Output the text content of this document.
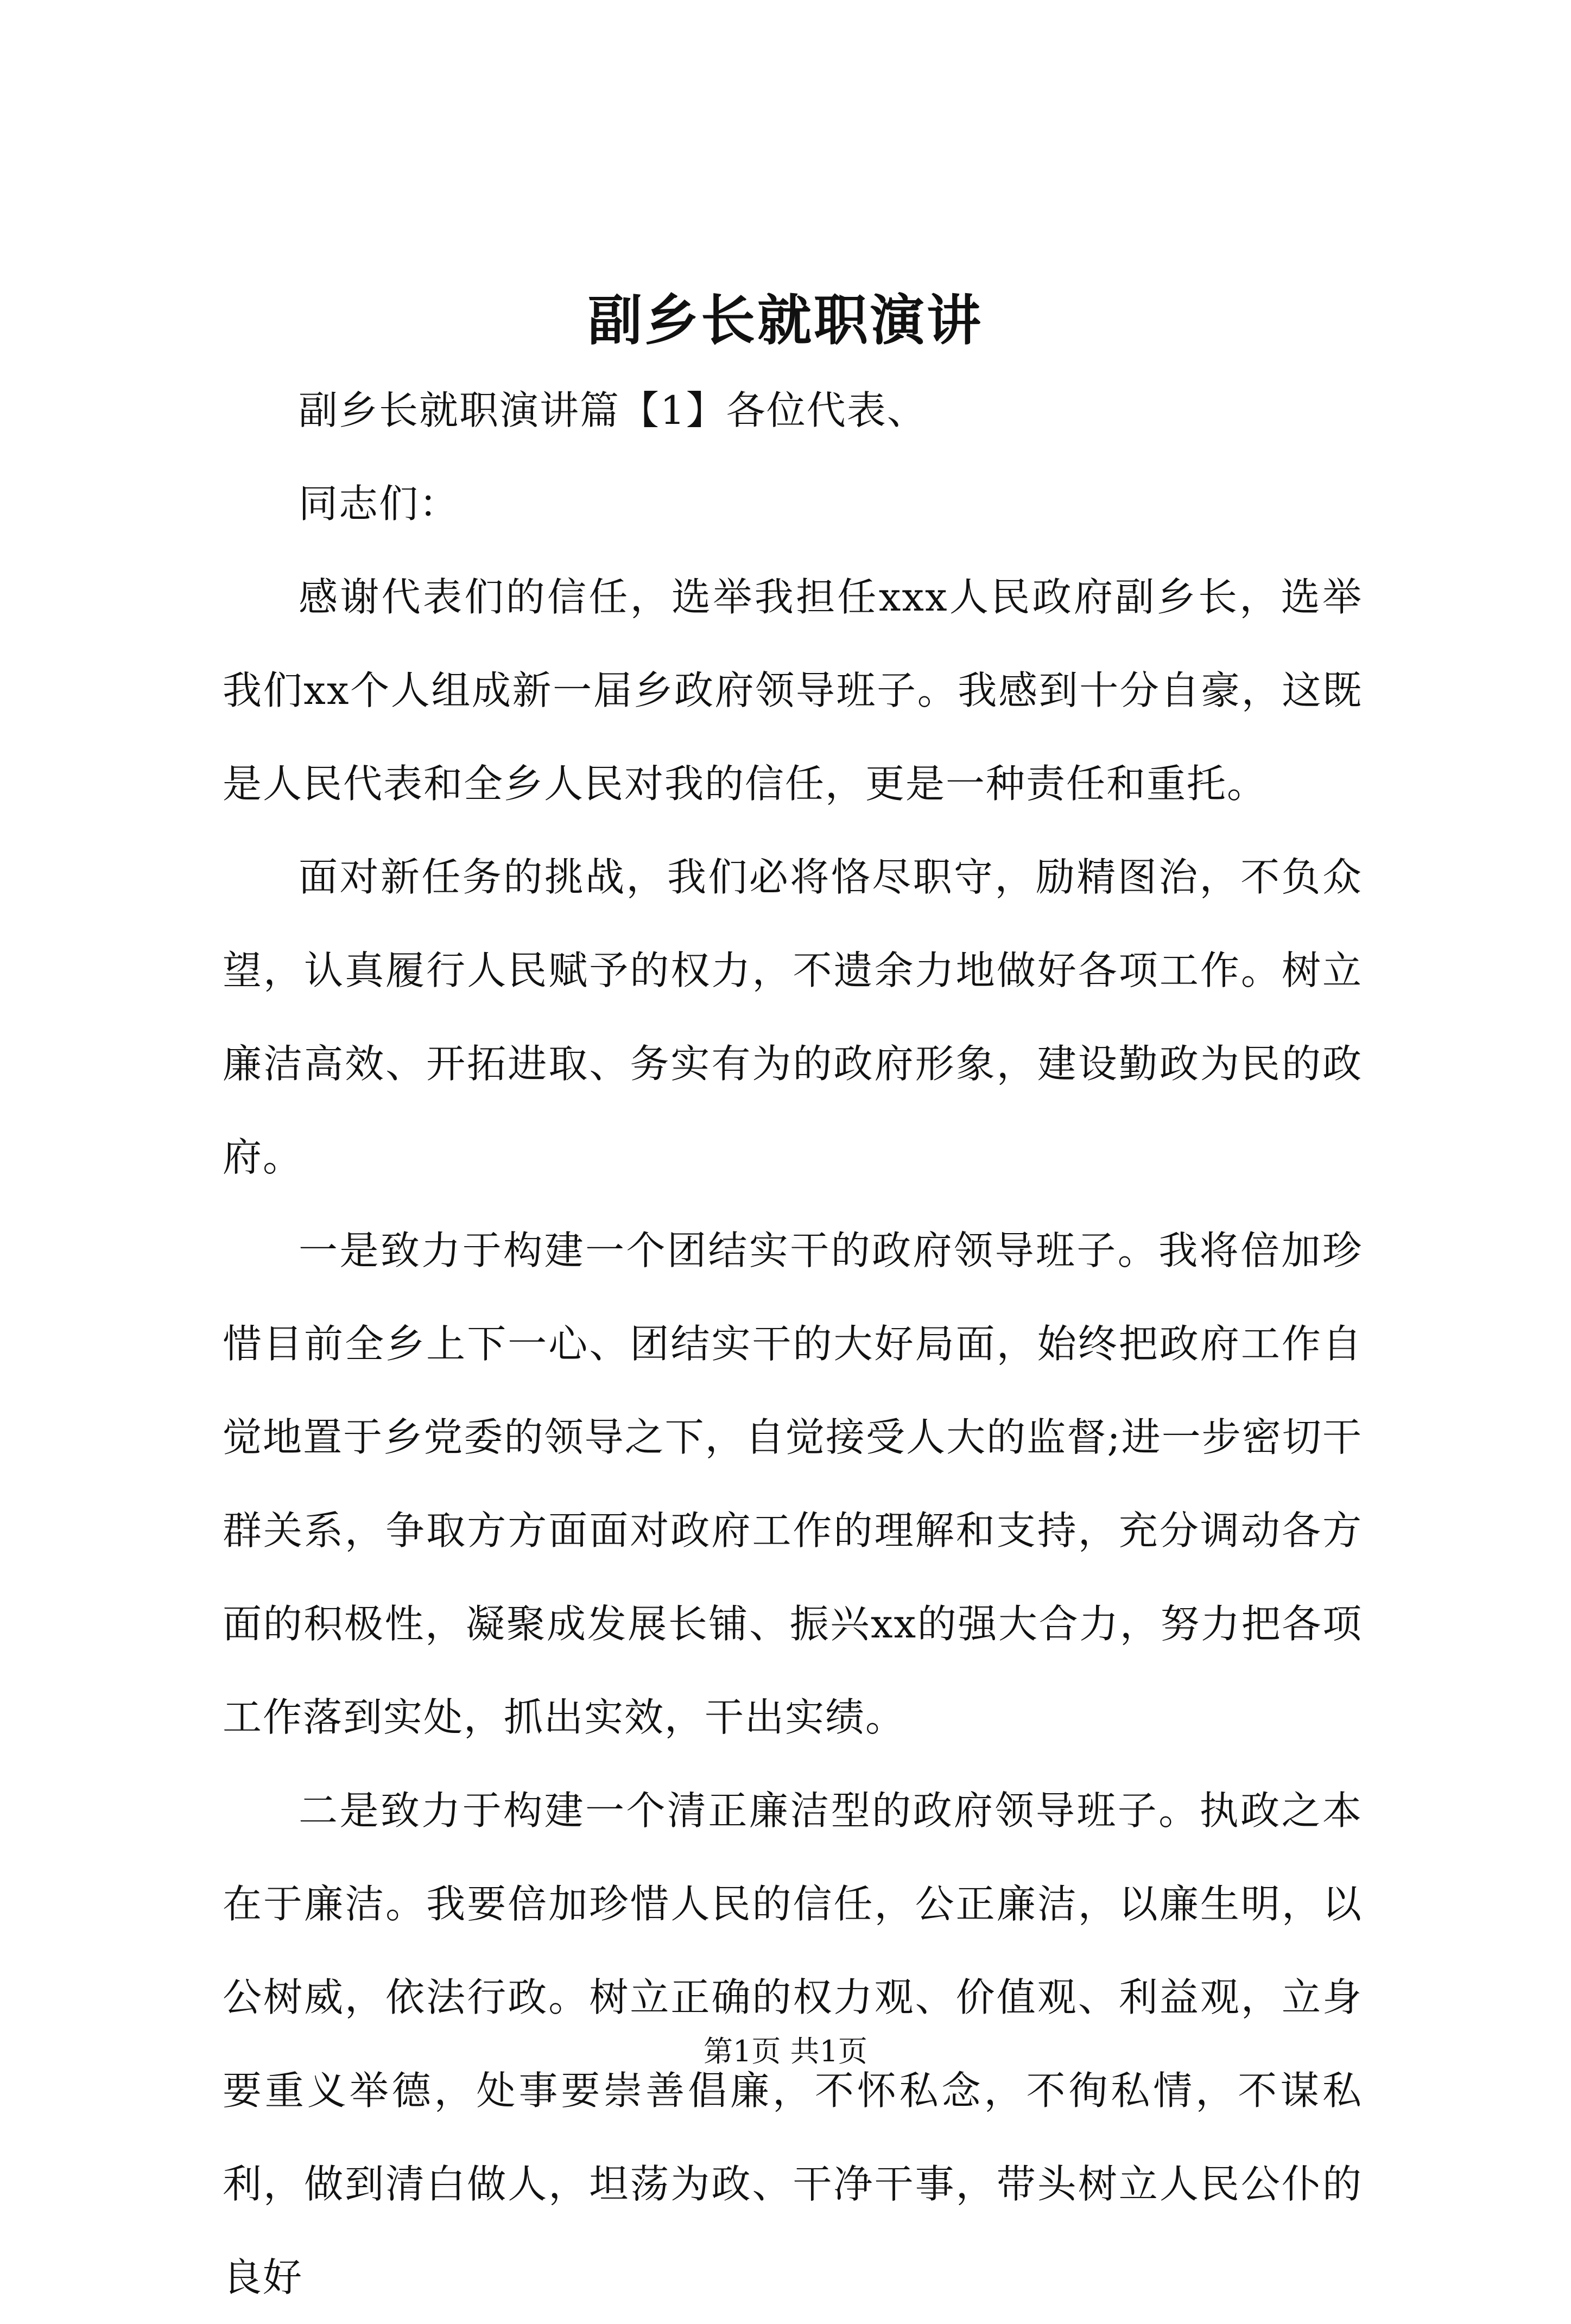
副乡长就职演讲

副乡长就职演讲篇【1】各位代表、

同志们：

感谢代表们的信任，选举我担任xxx人民政府副乡长，选举我们xx个人组成新一届乡政府领导班子。我感到十分自豪，这既是人民代表和全乡人民对我的信任，更是一种责任和重托。

面对新任务的挑战，我们必将恪尽职守，励精图治，不负众望，认真履行人民赋予的权力，不遗余力地做好各项工作。树立廉洁高效、开拓进取、务实有为的政府形象，建设勤政为民的政府。

一是致力于构建一个团结实干的政府领导班子。我将倍加珍惜目前全乡上下一心、团结实干的大好局面，始终把政府工作自觉地置于乡党委的领导之下，自觉接受人大的监督;进一步密切干群关系，争取方方面面对政府工作的理解和支持，充分调动各方面的积极性，凝聚成发展长铺、振兴xx的强大合力，努力把各项工作落到实处，抓出实效，干出实绩。

二是致力于构建一个清正廉洁型的政府领导班子。执政之本在于廉洁。我要倍加珍惜人民的信任，公正廉洁，以廉生明，以公树威，依法行政。树立正确的权力观、价值观、利益观，立身要重义举德，处事要崇善倡廉，不怀私念，不徇私情，不谋私利，做到清白做人，坦荡为政、干净干事，带头树立人民公仆的良好

第1页 共1页
